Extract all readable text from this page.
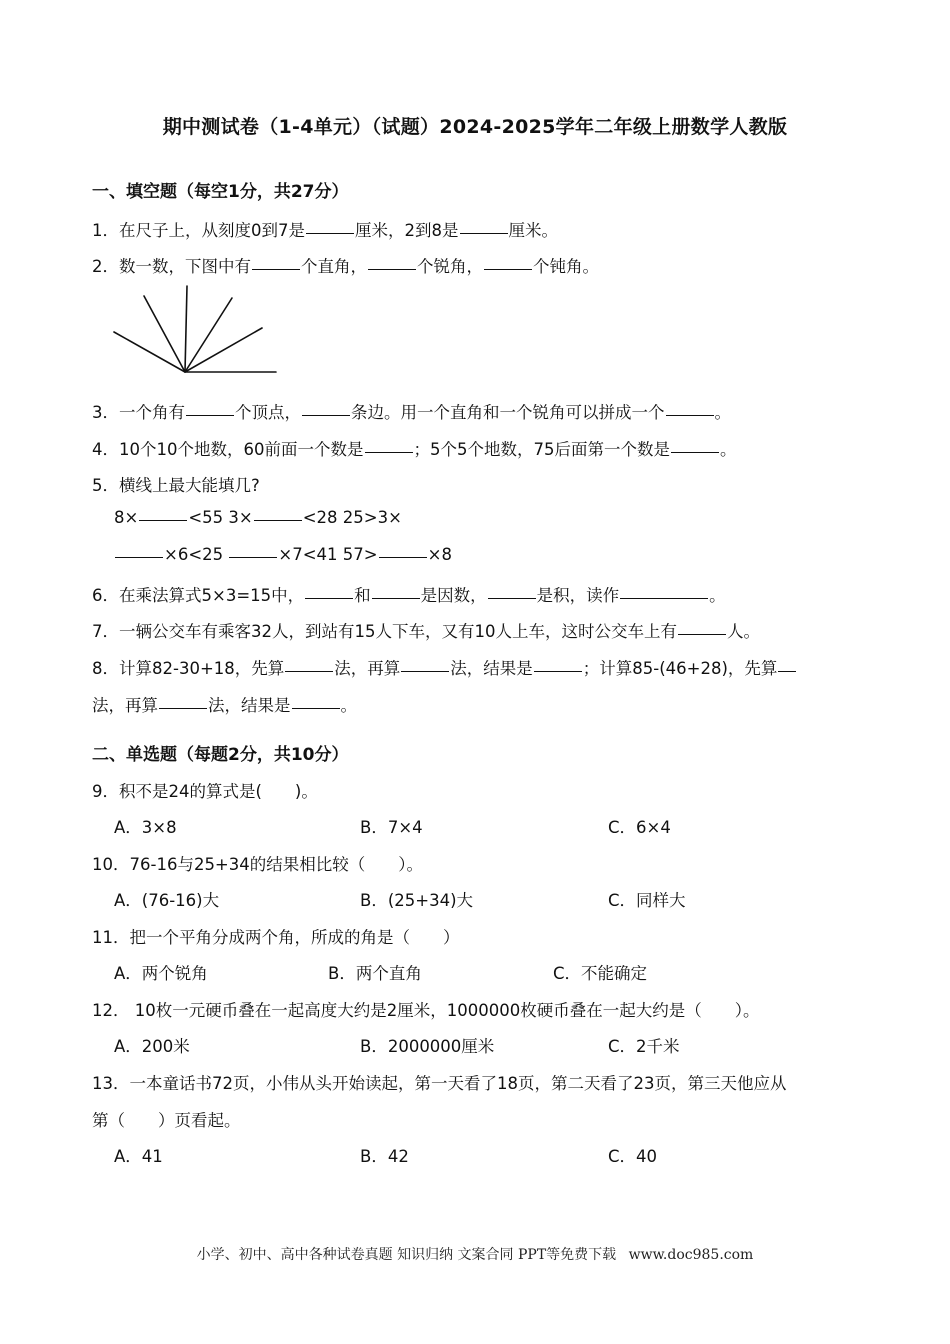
期中测试卷（1-4单元）（试题）2024-2025学年二年级上册数学人教版
一、填空题（每空1分，共27分）
1．在尺子上，从刻度0到7是	厘米，2到8是	厘米。
2．数一数，下图中有	个直角，	个锐角，	个钝角。
3．一个角有	个顶点，	条边。用一个直角和一个锐角可以拼成一个	。
4．10个10个地数，60前面一个数是	；5个5个地数，75后面第一个数是	。
5．横线上最大能填几?
8×	<55 3×	<28 25>3×
×6<25	×7<41 57>	×8
6．在乘法算式5×3=15中，	和	是因数，	是积，读作	。
7．一辆公交车有乘客32人，到站有15人下车，又有10人上车，这时公交车上有	人。
8．计算82-30+18，先算	法，再算	法，结果是	；计算85-(46+28)，先算
法，再算	法，结果是	。
二、单选题（每题2分，共10分）
9．积不是24的算式是(　　)。
A．3×8	B．7×4	C．6×4
10．76-16与25+34的结果相比较（　　）。
A．(76-16)大	B．(25+34)大	C．同样大
11．把一个平角分成两个角，所成的角是（　　）
A．两个锐角	B．两个直角	C．不能确定
12． 10枚一元硬币叠在一起高度大约是2厘米，1000000枚硬币叠在一起大约是（　　）。
A．200米	B．2000000厘米	C．2千米
13．一本童话书72页，小伟从头开始读起，第一天看了18页，第二天看了23页，第三天他应从
第（　　）页看起。
A．41	B．42	C．40
小学、初中、高中各种试卷真题 知识归纳 文案合同 PPT等免费下载 www.doc985.com
